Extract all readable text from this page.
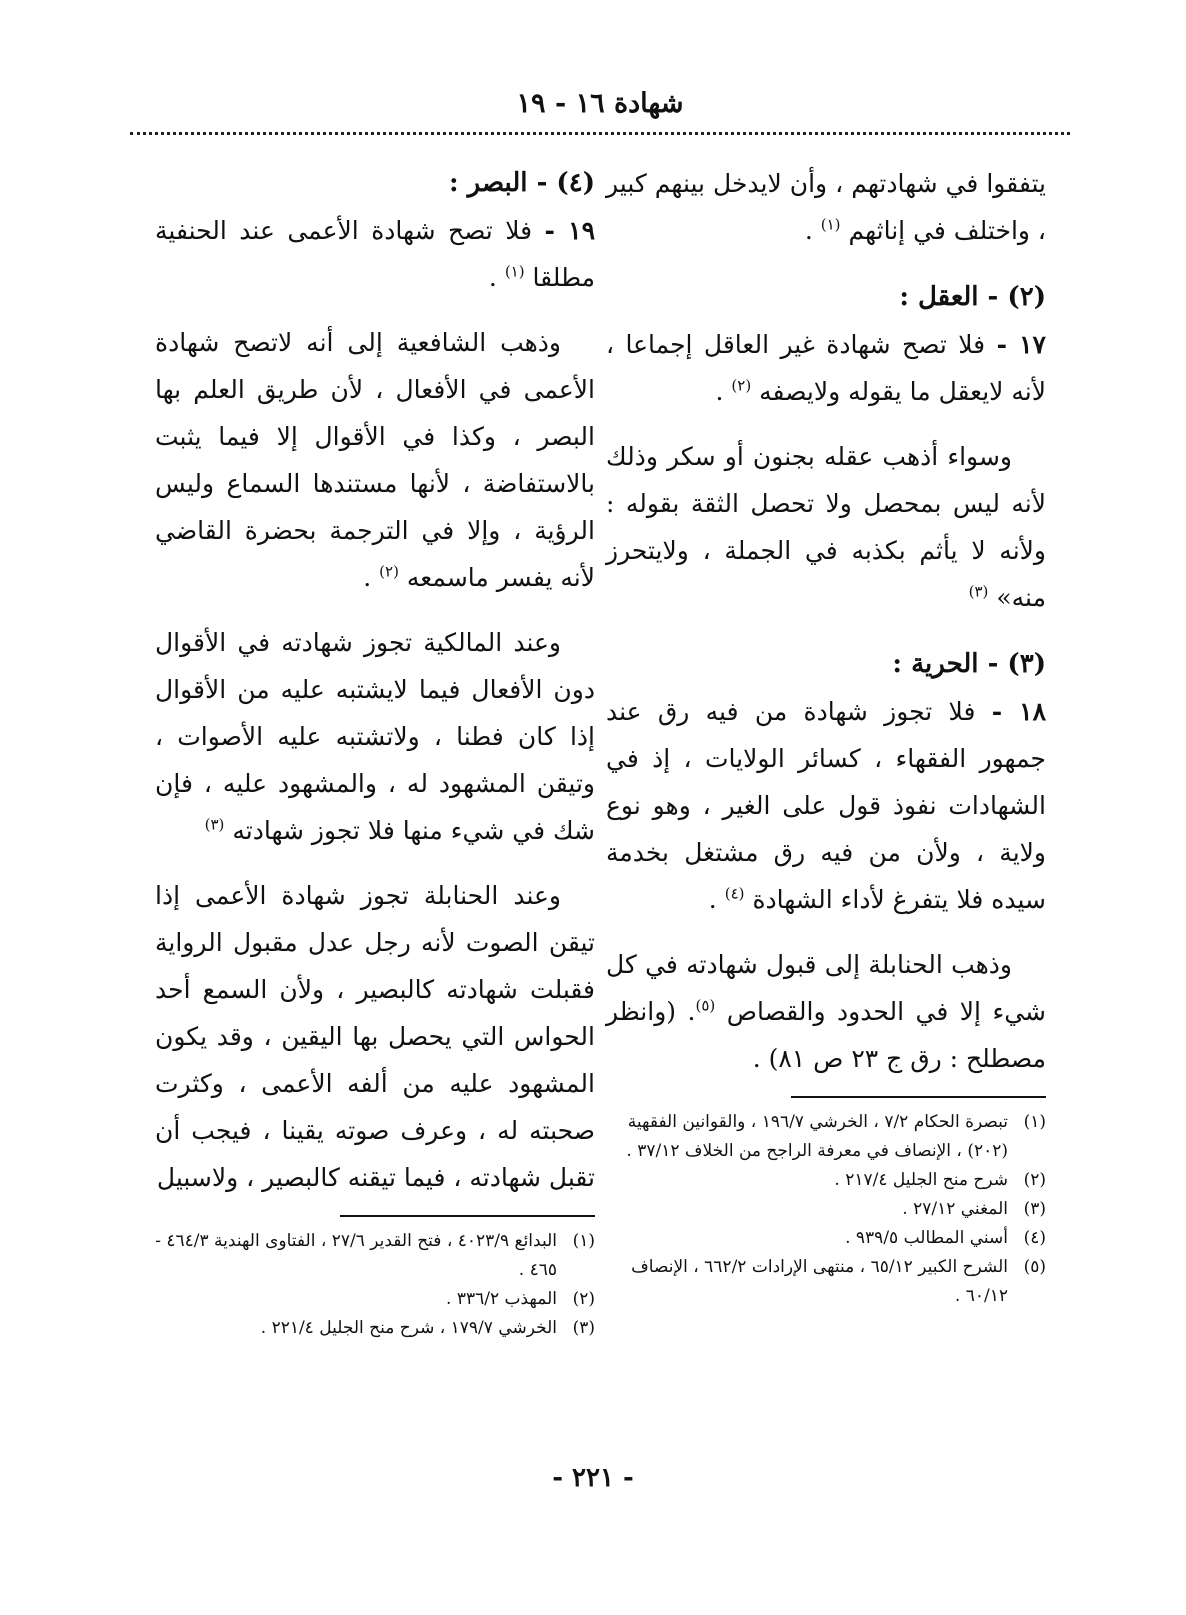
شهادة ١٦ - ١٩

يتفقوا في شهادتهم ، وأن لايدخل بينهم كبير ، واختلف في إناثهم $^{(١)}$ .

(٢) - العقل :

١٧ - فلا تصح شهادة غير العاقل إجماعا ، لأنه لايعقل ما يقوله ولايصفه $^{(٢)}$ .

وسواء أذهب عقله بجنون أو سكر وذلك لأنه ليس بمحصل ولا تحصل الثقة بقوله : ولأنه لا يأثم بكذبه في الجملة ، ولايتحرز منه» $^{(٣)}$

(٣) - الحرية :

١٨ - فلا تجوز شهادة من فيه رق عند جمهور الفقهاء ، كسائر الولايات ، إذ في الشهادات نفوذ قول على الغير ، وهو نوع ولاية ، ولأن من فيه رق مشتغل بخدمة سيده فلا يتفرغ لأداء الشهادة $^{(٤)}$ .

وذهب الحنابلة إلى قبول شهادته في كل شيء إلا في الحدود والقصاص $^{(٥)}$. (وانظر مصطلح : رق ج ٢٣ ص ٨١) .

(١)
تبصرة الحكام ٧/٢ ، الخرشي ١٩٦/٧ ، والقوانين الفقهية (٢٠٢) ، الإنصاف في معرفة الراجح من الخلاف ٣٧/١٢ .

(٢)
شرح منح الجليل ٢١٧/٤ .

(٣)
المغني ٢٧/١٢ .

(٤)
أسني المطالب ٩٣٩/٥ .

(٥)
الشرح الكبير ٦٥/١٢ ، منتهى الإرادات ٦٦٢/٢ ، الإنصاف ٦٠/١٢ .

(٤) - البصر :

١٩ - فلا تصح شهادة الأعمى عند الحنفية مطلقا $^{(١)}$ .

وذهب الشافعية إلى أنه لاتصح شهادة الأعمى في الأفعال ، لأن طريق العلم بها البصر ، وكذا في الأقوال إلا فيما يثبت بالاستفاضة ، لأنها مستندها السماع وليس الرؤية ، وإلا في الترجمة بحضرة القاضي لأنه يفسر ماسمعه $^{(٢)}$ .

وعند المالكية تجوز شهادته في الأقوال دون الأفعال فيما لايشتبه عليه من الأقوال إذا كان فطنا ، ولاتشتبه عليه الأصوات ، وتيقن المشهود له ، والمشهود عليه ، فإن شك في شيء منها فلا تجوز شهادته $^{(٣)}$

وعند الحنابلة تجوز شهادة الأعمى إذا تيقن الصوت لأنه رجل عدل مقبول الرواية فقبلت شهادته كالبصير ، ولأن السمع أحد الحواس التي يحصل بها اليقين ، وقد يكون المشهود عليه من ألفه الأعمى ، وكثرت صحبته له ، وعرف صوته يقينا ، فيجب أن تقبل شهادته ، فيما تيقنه كالبصير ، ولاسبيل

(١)
البدائع ٤٠٢٣/٩ ، فتح القدير ٢٧/٦ ، الفتاوى الهندية ٤٦٤/٣ - ٤٦٥ .

(٢)
المهذب ٣٣٦/٢ .

(٣)
الخرشي ١٧٩/٧ ، شرح منح الجليل ٢٢١/٤ .

- ٢٢١ -
